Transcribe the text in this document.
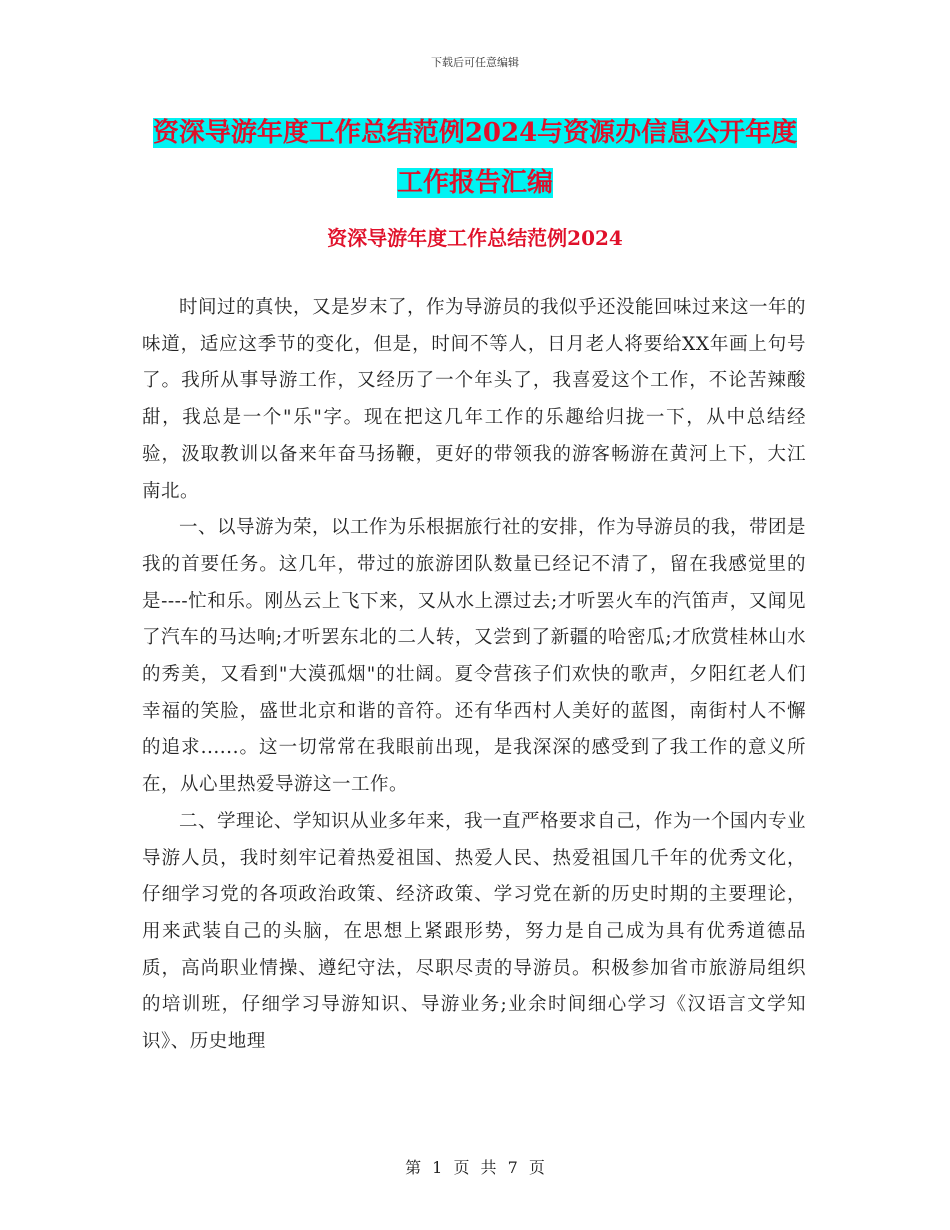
下载后可任意编辑
资深导游年度工作总结范例2024与资源办信息公开年度工作报告汇编
资深导游年度工作总结范例2024

时间过的真快，又是岁末了，作为导游员的我似乎还没能回味过来这一年的味道，适应这季节的变化，但是，时间不等人，日月老人将要给XX年画上句号了。我所从事导游工作，又经历了一个年头了，我喜爱这个工作，不论苦辣酸甜，我总是一个"乐"字。现在把这几年工作的乐趣给归拢一下，从中总结经验，汲取教训以备来年奋马扬鞭，更好的带领我的游客畅游在黄河上下，大江南北。

一、以导游为荣，以工作为乐根据旅行社的安排，作为导游员的我，带团是我的首要任务。这几年，带过的旅游团队数量已经记不清了，留在我感觉里的是----忙和乐。刚丛云上飞下来，又从水上漂过去;才听罢火车的汽笛声，又闻见了汽车的马达响;才听罢东北的二人转，又尝到了新疆的哈密瓜;才欣赏桂林山水的秀美，又看到"大漠孤烟"的壮阔。夏令营孩子们欢快的歌声，夕阳红老人们幸福的笑脸，盛世北京和谐的音符。还有华西村人美好的蓝图，南街村人不懈的追求......。这一切常常在我眼前出现，是我深深的感受到了我工作的意义所在，从心里热爱导游这一工作。

二、学理论、学知识从业多年来，我一直严格要求自己，作为一个国内专业导游人员，我时刻牢记着热爱祖国、热爱人民、热爱祖国几千年的优秀文化，仔细学习党的各项政治政策、经济政策、学习党在新的历史时期的主要理论，用来武装自己的头脑，在思想上紧跟形势，努力是自己成为具有优秀道德品质，高尚职业情操、遵纪守法，尽职尽责的导游员。积极参加省市旅游局组织的培训班，仔细学习导游知识、导游业务;业余时间细心学习《汉语言文学知识》、历史地理

第 1 页 共 7 页
